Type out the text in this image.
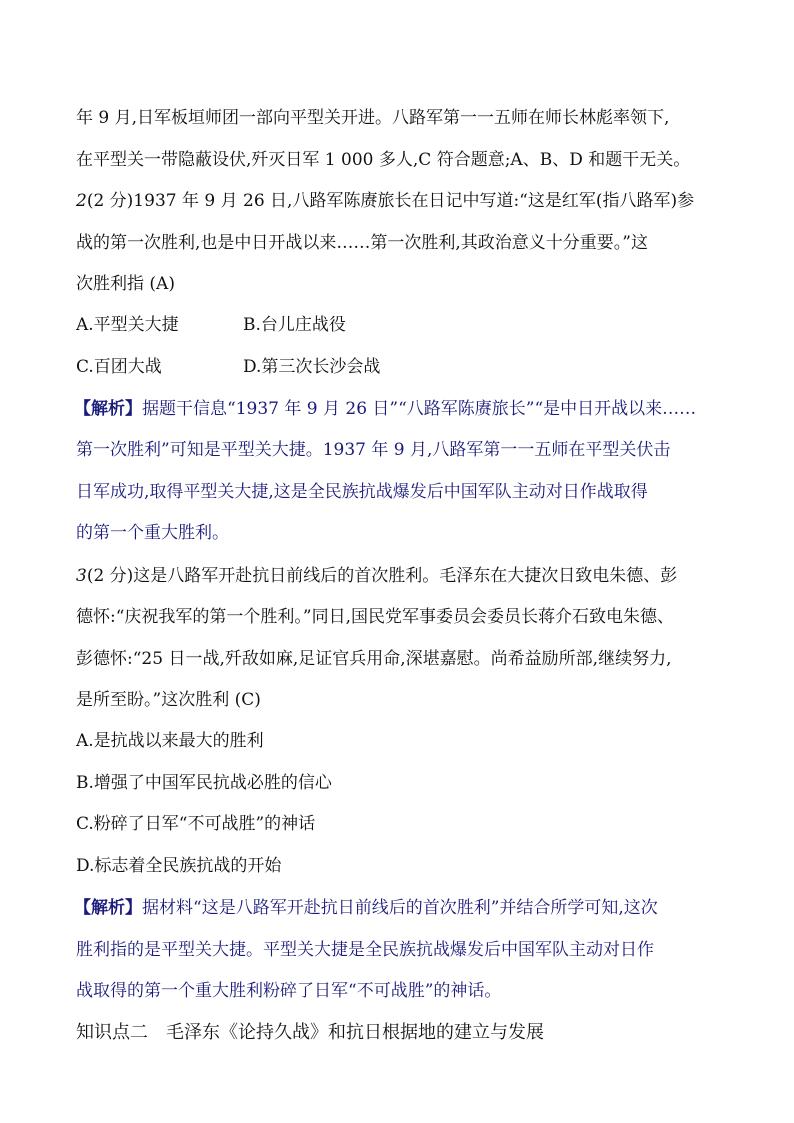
年 9 月,日军板垣师团一部向平型关开进。八路军第一一五师在师长林彪率领下,
在平型关一带隐蔽设伏,歼灭日军 1 000 多人,C 符合题意;A、B、D 和题干无关。
2(2 分)1937 年 9 月 26 日,八路军陈赓旅长在日记中写道:“这是红军(指八路军)参
战的第一次胜利,也是中日开战以来……第一次胜利,其政治意义十分重要。”这
次胜利指 (A)
A.平型关大捷	B.台儿庄战役
C.百团大战	D.第三次长沙会战
【解析】据题干信息“1937 年 9 月 26 日”“八路军陈赓旅长”“是中日开战以来……
第一次胜利”可知是平型关大捷。1937 年 9 月,八路军第一一五师在平型关伏击
日军成功,取得平型关大捷,这是全民族抗战爆发后中国军队主动对日作战取得
的第一个重大胜利。
3(2 分)这是八路军开赴抗日前线后的首次胜利。毛泽东在大捷次日致电朱德、彭
德怀:“庆祝我军的第一个胜利。”同日,国民党军事委员会委员长蒋介石致电朱德、
彭德怀:“25 日一战,歼敌如麻,足证官兵用命,深堪嘉慰。尚希益励所部,继续努力,
是所至盼。”这次胜利 (C)
A.是抗战以来最大的胜利
B.增强了中国军民抗战必胜的信心
C.粉碎了日军“不可战胜”的神话
D.标志着全民族抗战的开始
【解析】据材料“这是八路军开赴抗日前线后的首次胜利”并结合所学可知,这次
胜利指的是平型关大捷。平型关大捷是全民族抗战爆发后中国军队主动对日作
战取得的第一个重大胜利粉碎了日军“不可战胜”的神话。
知识点二　毛泽东《论持久战》和抗日根据地的建立与发展
